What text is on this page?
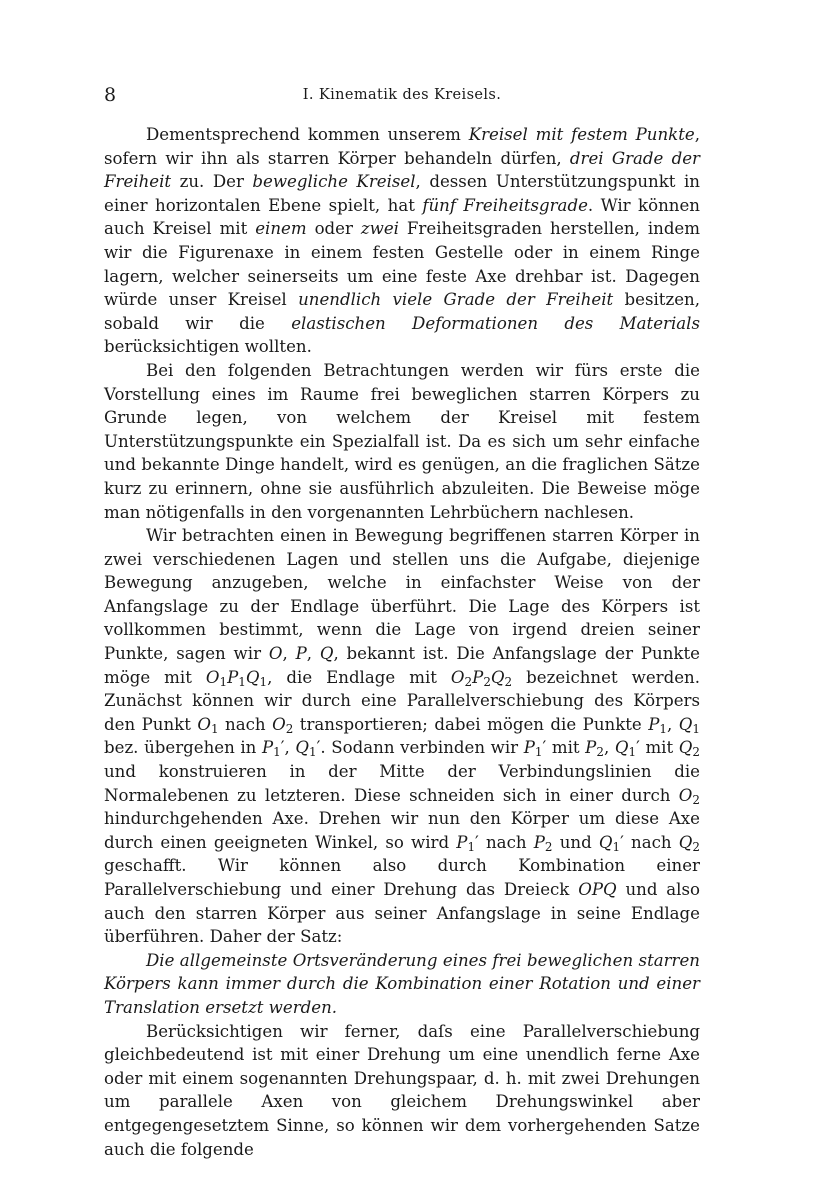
8	I. Kinematik des Kreisels.

Dementsprechend kommen unserem Kreisel mit festem Punkte, sofern wir ihn als starren Körper behandeln dürfen, drei Grade der Freiheit zu. Der bewegliche Kreisel, dessen Unterstützungspunkt in einer horizontalen Ebene spielt, hat fünf Freiheitsgrade. Wir können auch Kreisel mit einem oder zwei Freiheitsgraden herstellen, indem wir die Figurenaxe in einem festen Gestelle oder in einem Ringe lagern, welcher seinerseits um eine feste Axe drehbar ist. Dagegen würde unser Kreisel unendlich viele Grade der Freiheit besitzen, sobald wir die elastischen Deformationen des Materials berücksichtigen wollten.

Bei den folgenden Betrachtungen werden wir fürs erste die Vorstellung eines im Raume frei beweglichen starren Körpers zu Grunde legen, von welchem der Kreisel mit festem Unterstützungspunkte ein Spezialfall ist. Da es sich um sehr einfache und bekannte Dinge handelt, wird es genügen, an die fraglichen Sätze kurz zu erinnern, ohne sie ausführlich abzuleiten. Die Beweise möge man nötigenfalls in den vorgenannten Lehrbüchern nachlesen.

Wir betrachten einen in Bewegung begriffenen starren Körper in zwei verschiedenen Lagen und stellen uns die Aufgabe, diejenige Bewegung anzugeben, welche in einfachster Weise von der Anfangslage zu der Endlage überführt. Die Lage des Körpers ist vollkommen bestimmt, wenn die Lage von irgend dreien seiner Punkte, sagen wir O, P, Q, bekannt ist. Die Anfangslage der Punkte möge mit $O_1P_1Q_1$, die Endlage mit $O_2P_2Q_2$ bezeichnet werden. Zunächst können wir durch eine Parallelverschiebung des Körpers den Punkt $O_1$ nach $O_2$ transportieren; dabei mögen die Punkte $P_1$, $Q_1$ bez. übergehen in $P_1'$, $Q_1'$. Sodann verbinden wir $P_1'$ mit $P_2$, $Q_1'$ mit $Q_2$ und konstruieren in der Mitte der Verbindungslinien die Normalebenen zu letzteren. Diese schneiden sich in einer durch $O_2$ hindurchgehenden Axe. Drehen wir nun den Körper um diese Axe durch einen geeigneten Winkel, so wird $P_1'$ nach $P_2$ und $Q_1'$ nach $Q_2$ geschafft. Wir können also durch Kombination einer Parallelverschiebung und einer Drehung das Dreieck OPQ und also auch den starren Körper aus seiner Anfangslage in seine Endlage überführen. Daher der Satz:

Die allgemeinste Ortsveränderung eines frei beweglichen starren Körpers kann immer durch die Kombination einer Rotation und einer Translation ersetzt werden.

Berücksichtigen wir ferner, daſs eine Parallelverschiebung gleichbedeutend ist mit einer Drehung um eine unendlich ferne Axe oder mit einem sogenannten Drehungspaar, d. h. mit zwei Drehungen um parallele Axen von gleichem Drehungswinkel aber entgegengesetztem Sinne, so können wir dem vorhergehenden Satze auch die folgende
